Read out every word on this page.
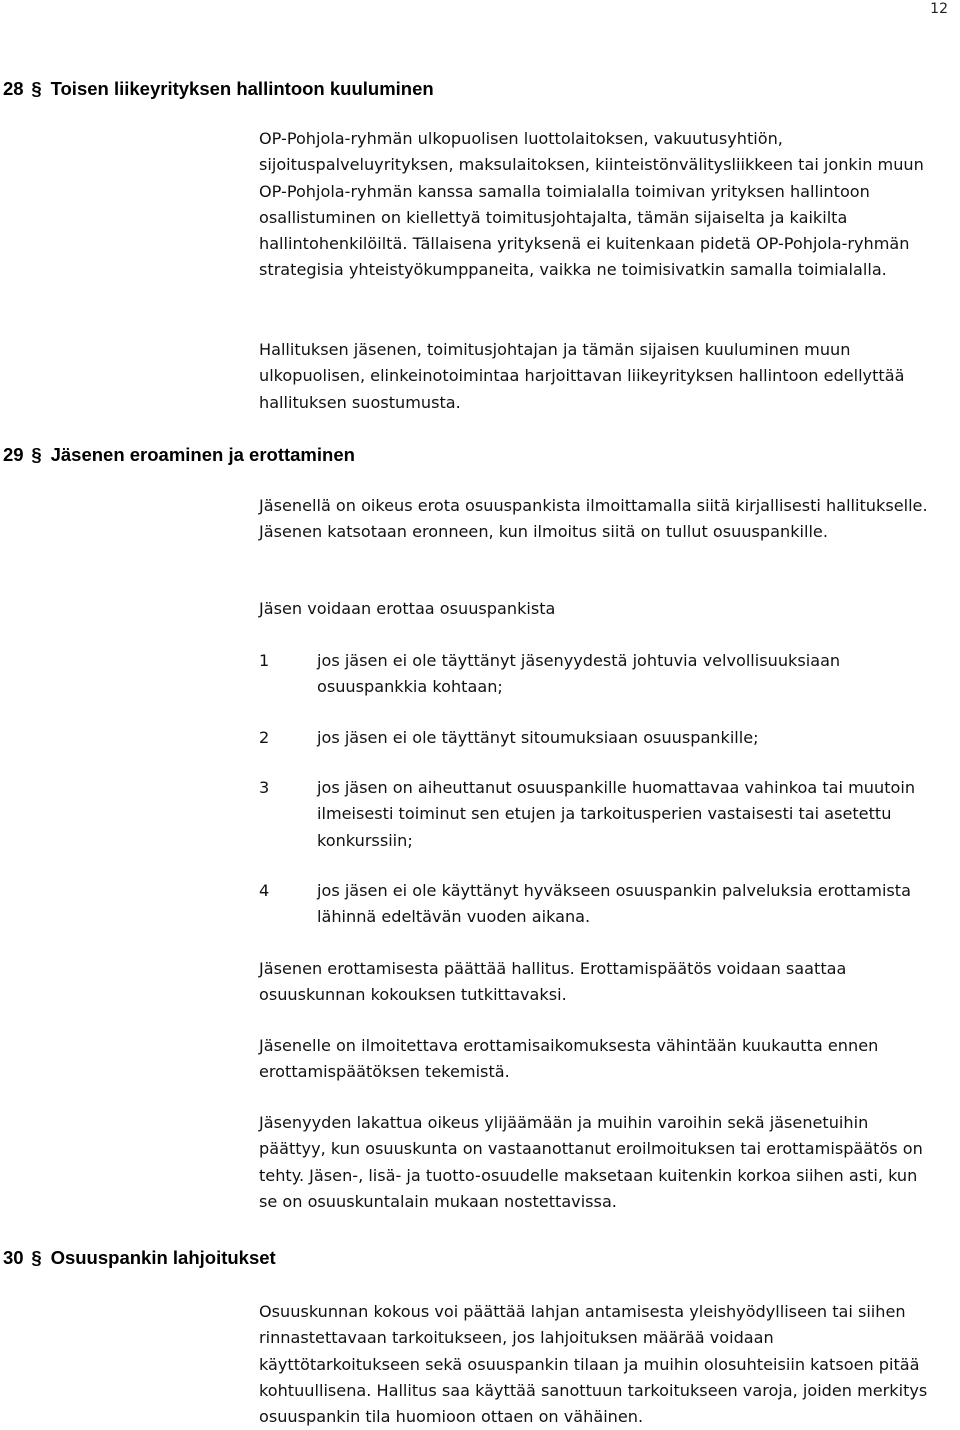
12
28 § Toisen liikeyrityksen hallintoon kuuluminen

OP-Pohjola-ryhmän ulkopuolisen luottolaitoksen, vakuutusyhtiön, sijoituspalveluyrityksen, maksulaitoksen, kiinteistönvälitysliikkeen tai jonkin muun OP-Pohjola-ryhmän kanssa samalla toimialalla toimivan yrityksen hallintoon osallistuminen on kiellettyä toimitusjohtajalta, tämän sijaiselta ja kaikilta hallintohenkilöiltä. Tällaisena yrityksenä ei kuitenkaan pidetä OP-Pohjola-ryhmän strategisia yhteistyökumppaneita, vaikka ne toimisivatkin samalla toimialalla.

Hallituksen jäsenen, toimitusjohtajan ja tämän sijaisen kuuluminen muun ulkopuolisen, elinkeinotoimintaa harjoittavan liikeyrityksen hallintoon edellyttää hallituksen suostumusta.

29 § Jäsenen eroaminen ja erottaminen

Jäsenellä on oikeus erota osuuspankista ilmoittamalla siitä kirjallisesti hallitukselle. Jäsenen katsotaan eronneen, kun ilmoitus siitä on tullut osuuspankille.

Jäsen voidaan erottaa osuuspankista

1	jos jäsen ei ole täyttänyt jäsenyydestä johtuvia velvollisuuksiaan osuuspankkia kohtaan;
2	jos jäsen ei ole täyttänyt sitoumuksiaan osuuspankille;
3	jos jäsen on aiheuttanut osuuspankille huomattavaa vahinkoa tai muutoin ilmeisesti toiminut sen etujen ja tarkoitusperien vastaisesti tai asetettu konkurssiin;
4	jos jäsen ei ole käyttänyt hyväkseen osuuspankin palveluksia erottamista lähinnä edeltävän vuoden aikana.

Jäsenen erottamisesta päättää hallitus. Erottamispäätös voidaan saattaa osuuskunnan kokouksen tutkittavaksi.

Jäsenelle on ilmoitettava erottamisaikomuksesta vähintään kuukautta ennen erottamispäätöksen tekemistä.

Jäsenyyden lakattua oikeus ylijäämään ja muihin varoihin sekä jäsenetuihin päättyy, kun osuuskunta on vastaanottanut eroilmoituksen tai erottamispäätös on tehty. Jäsen-, lisä- ja tuotto-osuudelle maksetaan kuitenkin korkoa siihen asti, kun se on osuuskuntalain mukaan nostettavissa.

30 § Osuuspankin lahjoitukset

Osuuskunnan kokous voi päättää lahjan antamisesta yleishyödylliseen tai siihen rinnastettavaan tarkoitukseen, jos lahjoituksen määrää voidaan käyttötarkoitukseen sekä osuuspankin tilaan ja muihin olosuhteisiin katsoen pitää kohtuullisena. Hallitus saa käyttää sanottuun tarkoitukseen varoja, joiden merkitys osuuspankin tila huomioon ottaen on vähäinen.
